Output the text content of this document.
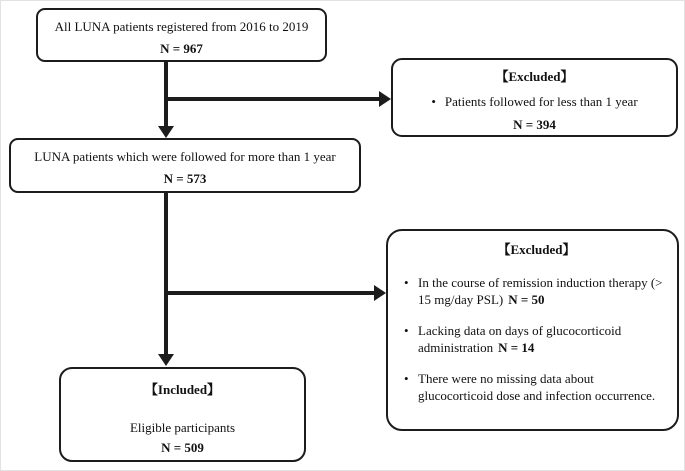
All LUNA patients registered from 2016 to 2019
N = 967
【Excluded】
• Patients followed for less than 1 year
N = 394
LUNA patients which were followed for more than 1 year
N = 573
【Excluded】
• In the course of remission induction therapy (> 15 mg/day PSL) N = 50
• Lacking data on days of glucocorticoid administration N = 14
• There were no missing data about glucocorticoid dose and infection occurrence.
【Included】
Eligible participants
N = 509
